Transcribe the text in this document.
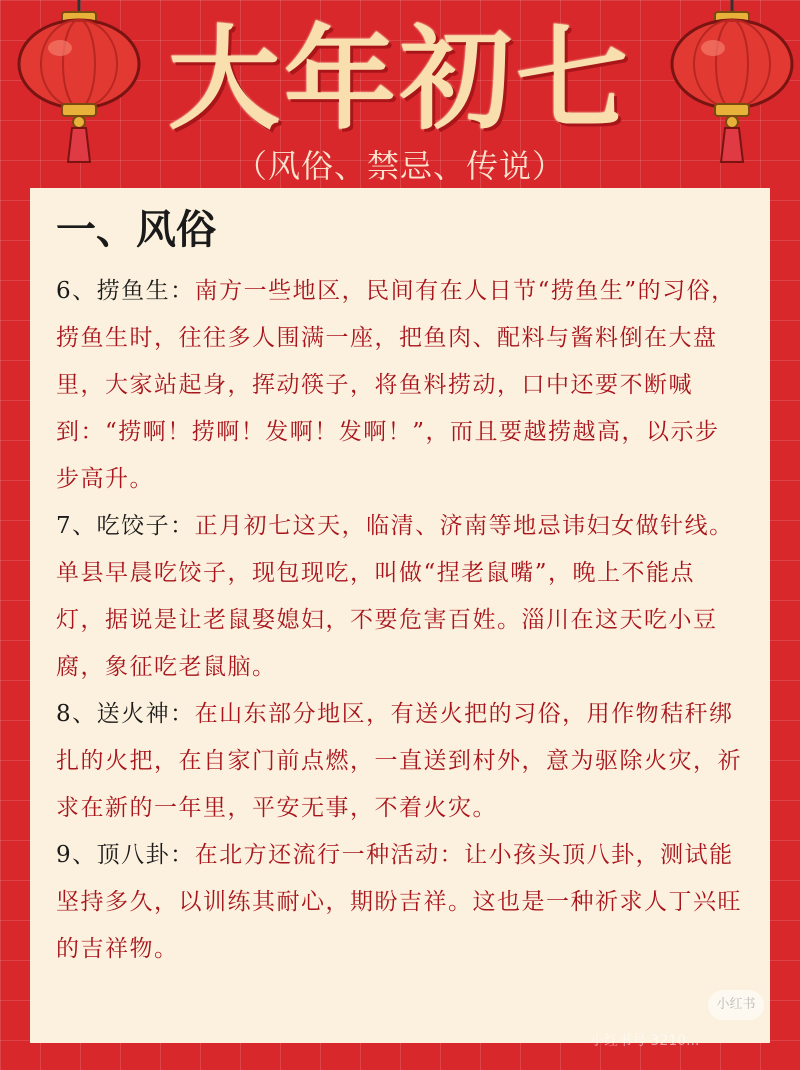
大年初七
（风俗、禁忌、传说）
一、风俗

6、捞鱼生：南方一些地区，民间有在人日节“捞鱼生”的习俗，捞鱼生时，往往多人围满一座，把鱼肉、配料与酱料倒在大盘里，大家站起身，挥动筷子，将鱼料捞动，口中还要不断喊到：“捞啊！捞啊！发啊！发啊！”，而且要越捞越高，以示步步高升。

7、吃饺子：正月初七这天，临清、济南等地忌讳妇女做针线。单县早晨吃饺子，现包现吃，叫做“捏老鼠嘴”，晚上不能点灯，据说是让老鼠娶媳妇，不要危害百姓。淄川在这天吃小豆腐，象征吃老鼠脑。

8、送火神：在山东部分地区，有送火把的习俗，用作物秸秆绑扎的火把，在自家门前点燃，一直送到村外，意为驱除火灾，祈求在新的一年里，平安无事，不着火灾。

9、顶八卦：在北方还流行一种活动：让小孩头顶八卦，测试能坚持多久，以训练其耐心，期盼吉祥。这也是一种祈求人丁兴旺的吉祥物。

小红书
小红书号 3210...
